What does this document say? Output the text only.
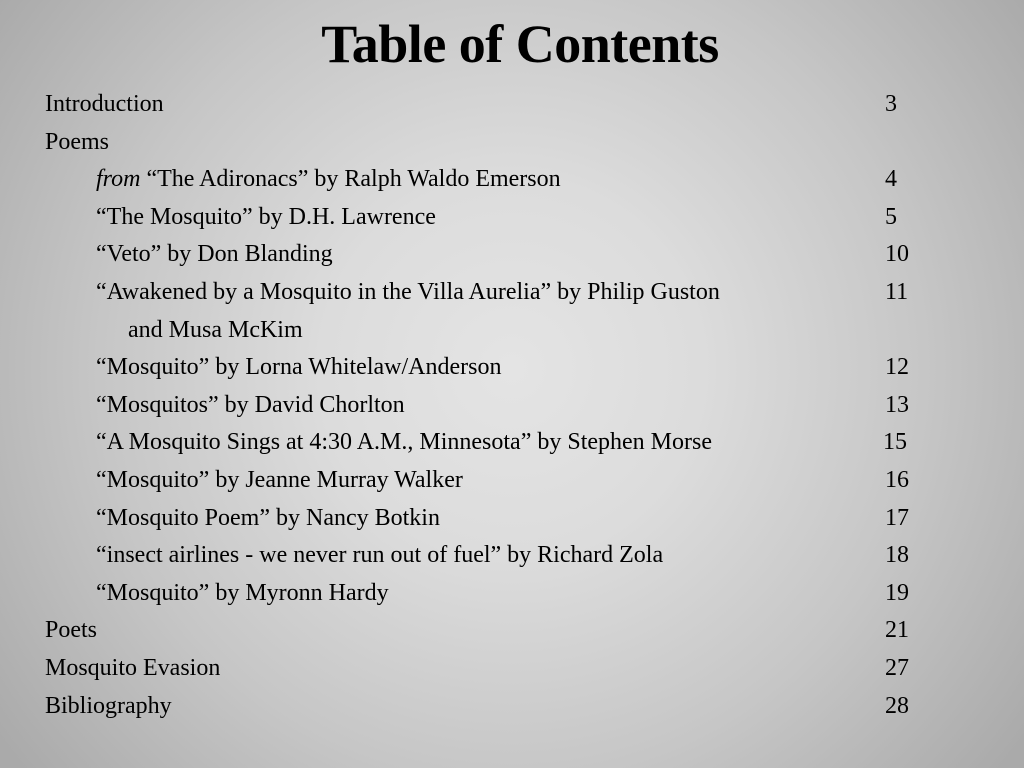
Table of Contents
Introduction	3
Poems
from “The Adironacs” by Ralph Waldo Emerson	4
“The Mosquito” by D.H. Lawrence	5
“Veto” by Don Blanding	10
“Awakened by a Mosquito in the Villa Aurelia” by Philip Guston	11
and Musa McKim
“Mosquito” by Lorna Whitelaw/Anderson	12
“Mosquitos” by David Chorlton	13
“A Mosquito Sings at 4:30 A.M., Minnesota” by Stephen Morse	15
“Mosquito” by Jeanne Murray Walker	16
“Mosquito Poem” by Nancy Botkin	17
“insect airlines - we never run out of fuel” by Richard Zola	18
“Mosquito” by Myronn Hardy	19
Poets	21
Mosquito Evasion	27
Bibliography	28
